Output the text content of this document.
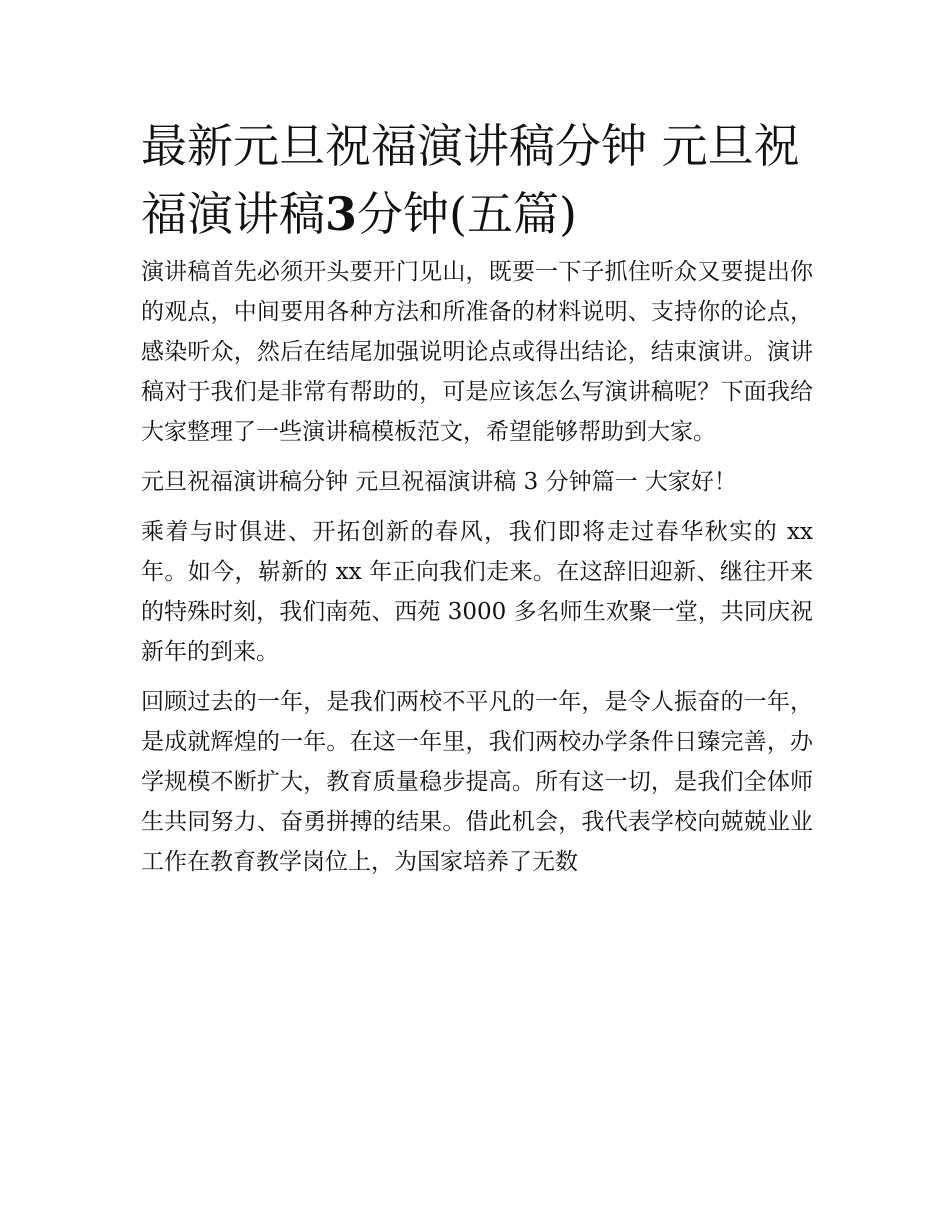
最新元旦祝福演讲稿分钟 元旦祝福演讲稿3分钟(五篇)

演讲稿首先必须开头要开门见山，既要一下子抓住听众又要提出你的观点，中间要用各种方法和所准备的材料说明、支持你的论点，感染听众，然后在结尾加强说明论点或得出结论，结束演讲。演讲稿对于我们是非常有帮助的，可是应该怎么写演讲稿呢？下面我给大家整理了一些演讲稿模板范文，希望能够帮助到大家。

元旦祝福演讲稿分钟 元旦祝福演讲稿 3 分钟篇一 大家好！

乘着与时俱进、开拓创新的春风，我们即将走过春华秋实的 xx 年。如今，崭新的 xx 年正向我们走来。在这辞旧迎新、继往开来的特殊时刻，我们南苑、西苑 3000 多名师生欢聚一堂，共同庆祝新年的到来。

回顾过去的一年，是我们两校不平凡的一年，是令人振奋的一年，是成就辉煌的一年。在这一年里，我们两校办学条件日臻完善，办学规模不断扩大，教育质量稳步提高。所有这一切，是我们全体师生共同努力、奋勇拼搏的结果。借此机会，我代表学校向兢兢业业工作在教育教学岗位上，为国家培养了无数
